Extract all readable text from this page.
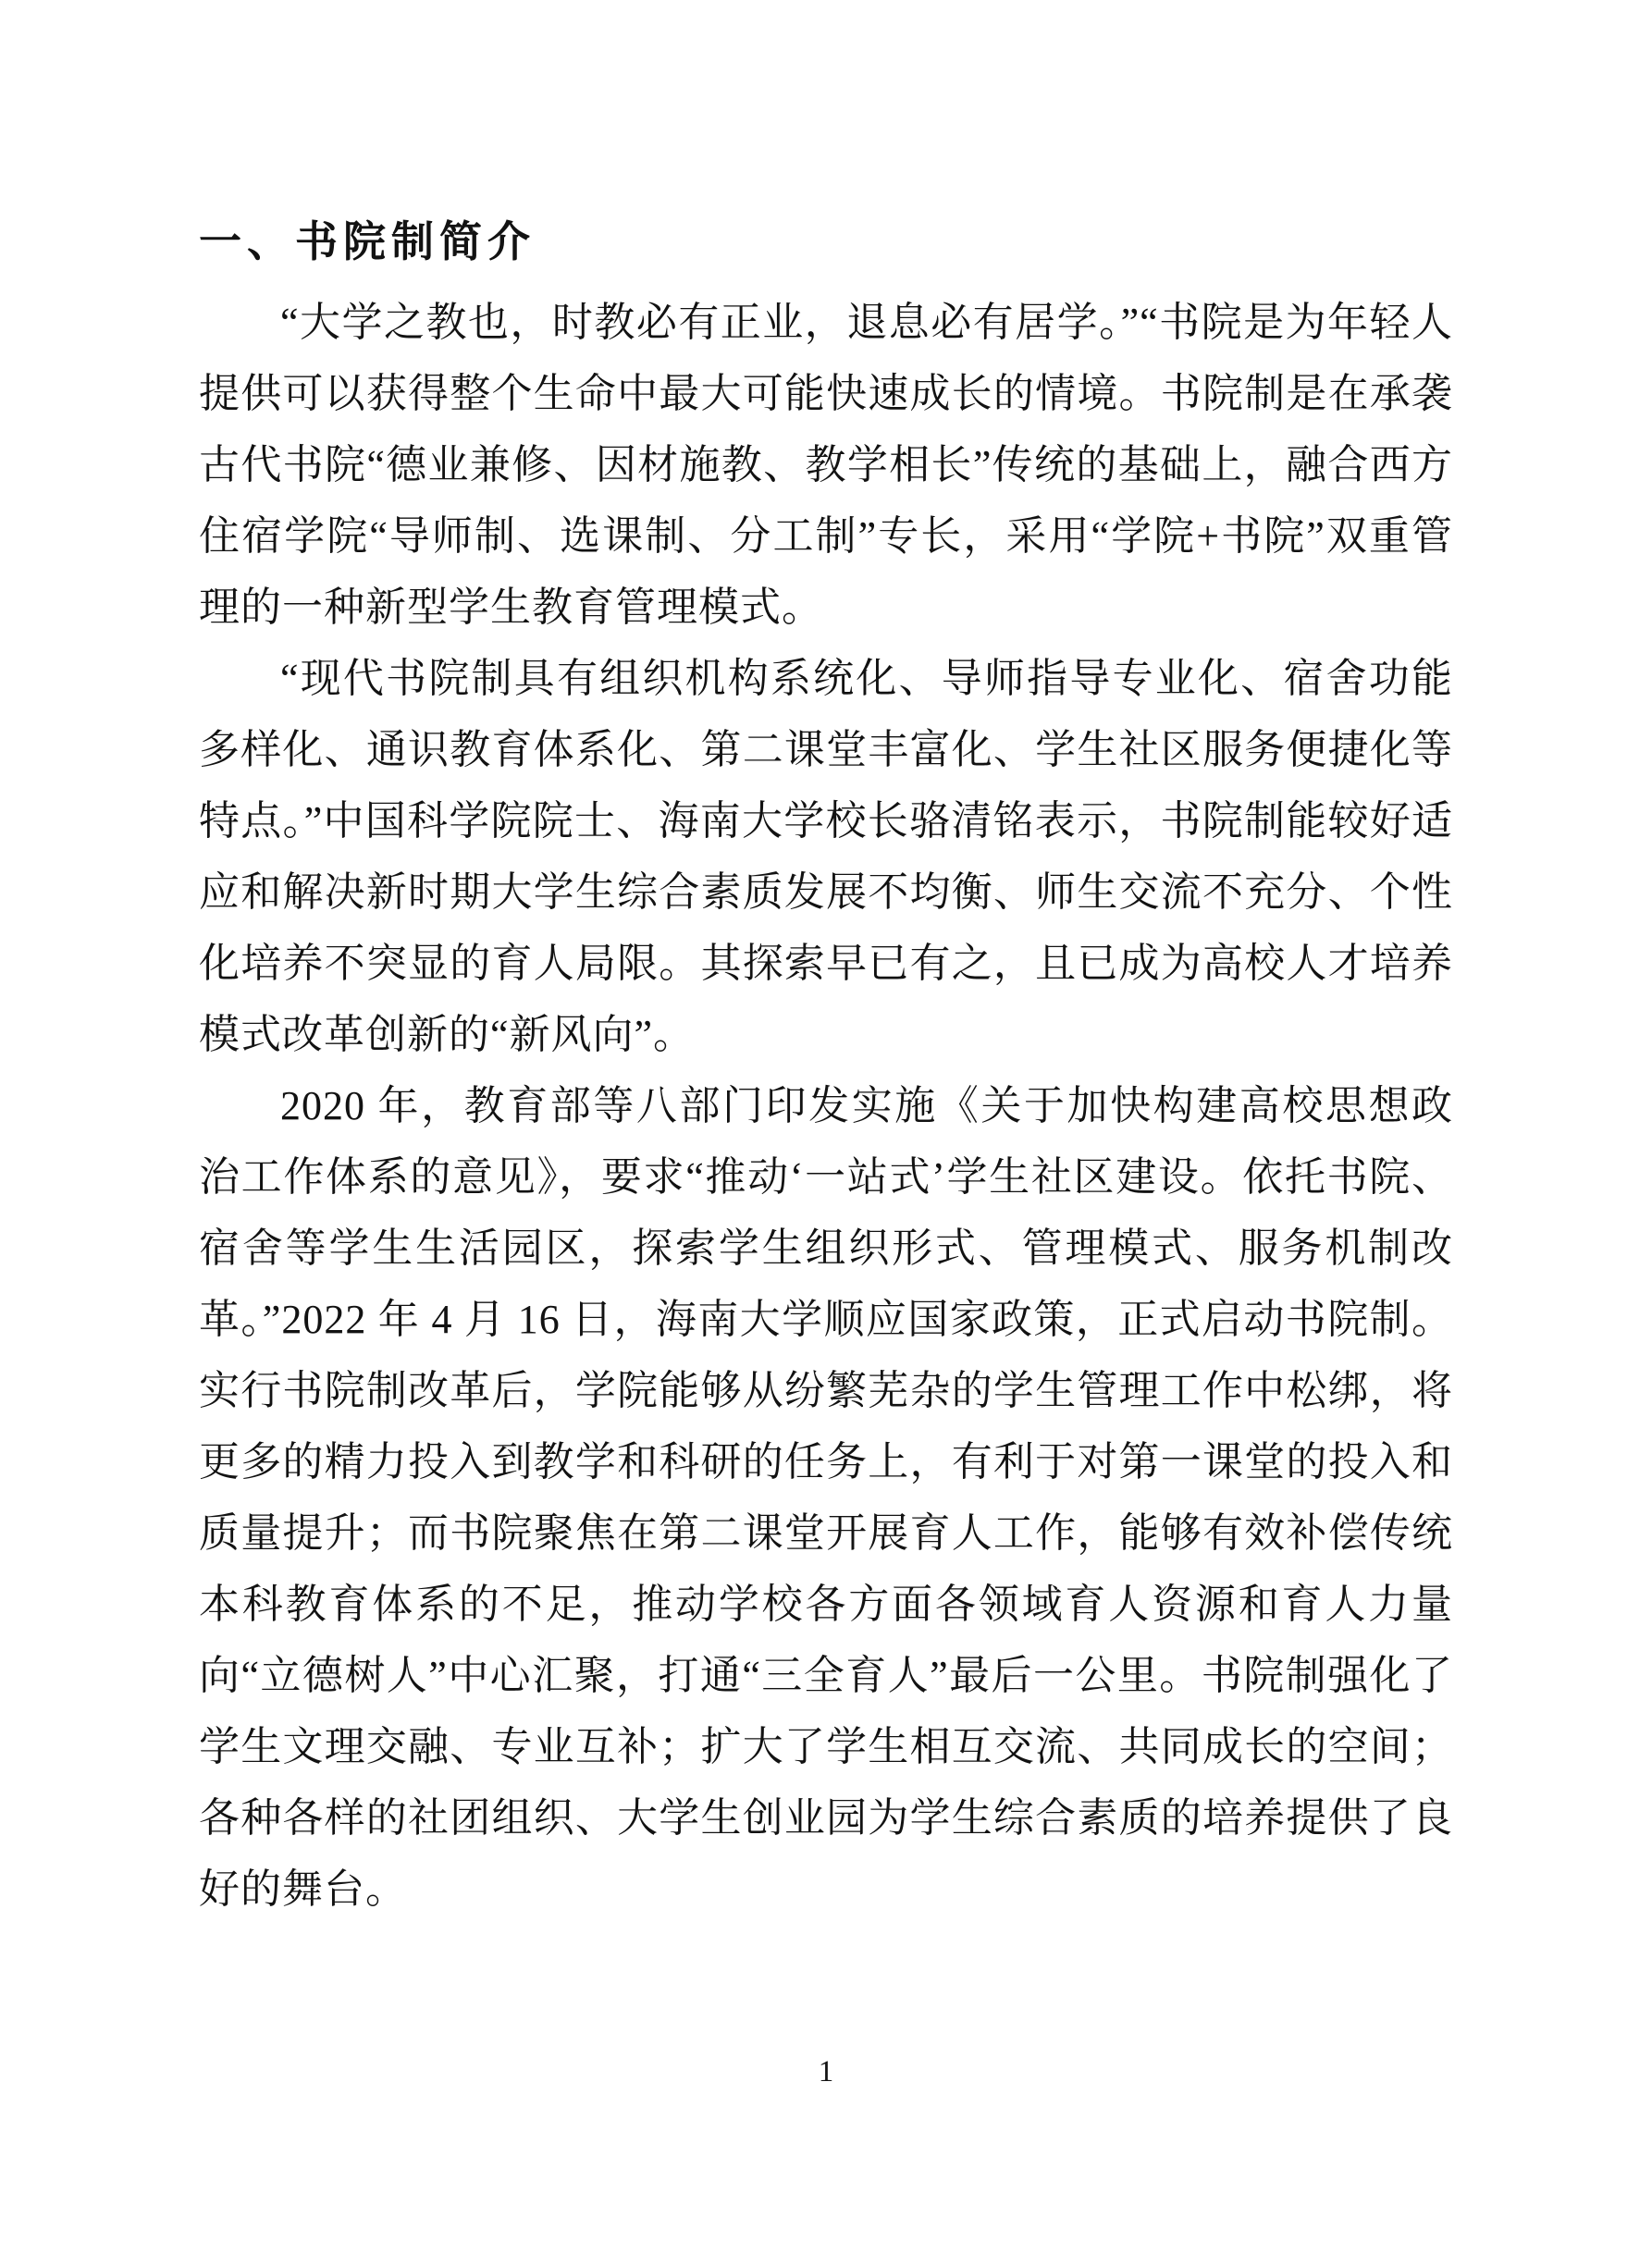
一、书院制简介

“大学之教也，时教必有正业，退息必有居学。”“书院是为年轻人提供可以获得整个生命中最大可能快速成长的情境。书院制是在承袭古代书院“德业兼修、因材施教、教学相长”传统的基础上，融合西方住宿学院“导师制、选课制、分工制”专长，采用“学院+书院”双重管理的一种新型学生教育管理模式。

“现代书院制具有组织机构系统化、导师指导专业化、宿舍功能多样化、通识教育体系化、第二课堂丰富化、学生社区服务便捷化等特点。”中国科学院院士、海南大学校长骆清铭表示，书院制能较好适应和解决新时期大学生综合素质发展不均衡、师生交流不充分、个性化培养不突显的育人局限。其探索早已有之，且已成为高校人才培养模式改革创新的“新风向”。

2020 年，教育部等八部门印发实施《关于加快构建高校思想政治工作体系的意见》，要求“推动‘一站式’学生社区建设。依托书院、宿舍等学生生活园区，探索学生组织形式、管理模式、服务机制改革。”2022 年 4 月 16 日，海南大学顺应国家政策，正式启动书院制。实行书院制改革后，学院能够从纷繁芜杂的学生管理工作中松绑，将更多的精力投入到教学和科研的任务上，有利于对第一课堂的投入和质量提升；而书院聚焦在第二课堂开展育人工作，能够有效补偿传统本科教育体系的不足，推动学校各方面各领域育人资源和育人力量向“立德树人”中心汇聚，打通“三全育人”最后一公里。书院制强化了学生文理交融、专业互补；扩大了学生相互交流、共同成长的空间；各种各样的社团组织、大学生创业园为学生综合素质的培养提供了良好的舞台。

1
